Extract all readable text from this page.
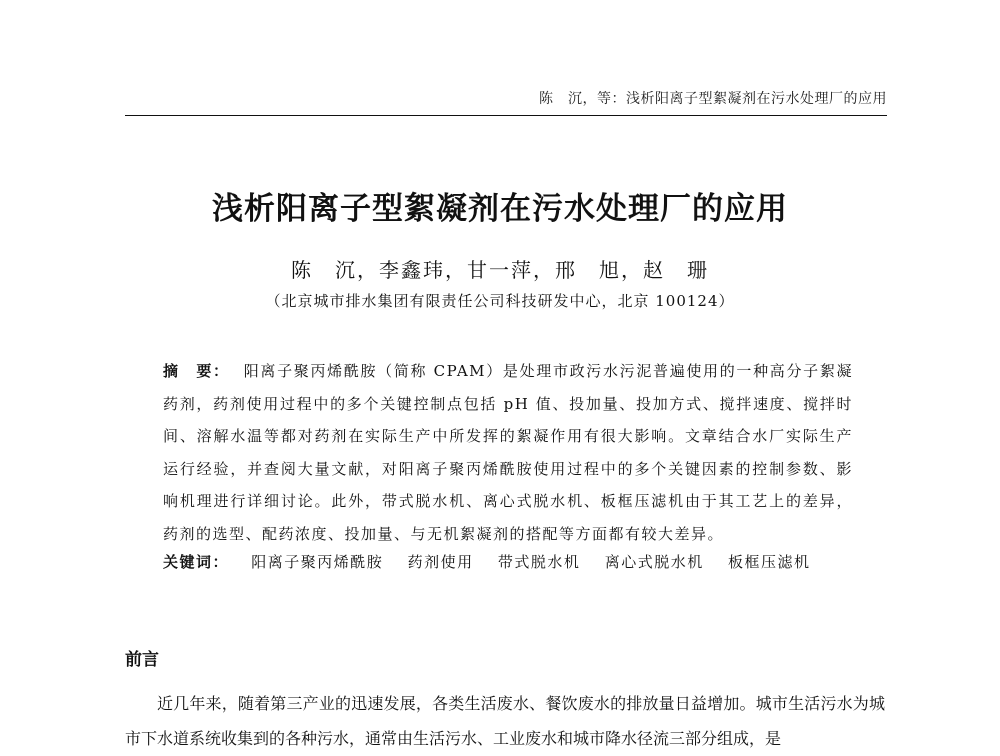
陈　沉，等：浅析阳离子型絮凝剂在污水处理厂的应用
浅析阳离子型絮凝剂在污水处理厂的应用
陈　沉，李鑫玮，甘一萍，邢　旭，赵　珊
（北京城市排水集团有限责任公司科技研发中心，北京 100124）
摘　要： 阳离子聚丙烯酰胺（简称 CPAM）是处理市政污水污泥普遍使用的一种高分子絮凝药剂，药剂使用过程中的多个关键控制点包括 pH 值、投加量、投加方式、搅拌速度、搅拌时间、溶解水温等都对药剂在实际生产中所发挥的絮凝作用有很大影响。文章结合水厂实际生产运行经验，并查阅大量文献，对阳离子聚丙烯酰胺使用过程中的多个关键因素的控制参数、影响机理进行详细讨论。此外，带式脱水机、离心式脱水机、板框压滤机由于其工艺上的差异，药剂的选型、配药浓度、投加量、与无机絮凝剂的搭配等方面都有较大差异。
关键词： 阳离子聚丙烯酰胺 药剂使用 带式脱水机 离心式脱水机 板框压滤机
前言
近几年来，随着第三产业的迅速发展，各类生活废水、餐饮废水的排放量日益增加。城市生活污水为城市下水道系统收集到的各种污水，通常由生活污水、工业废水和城市降水径流三部分组成，是
